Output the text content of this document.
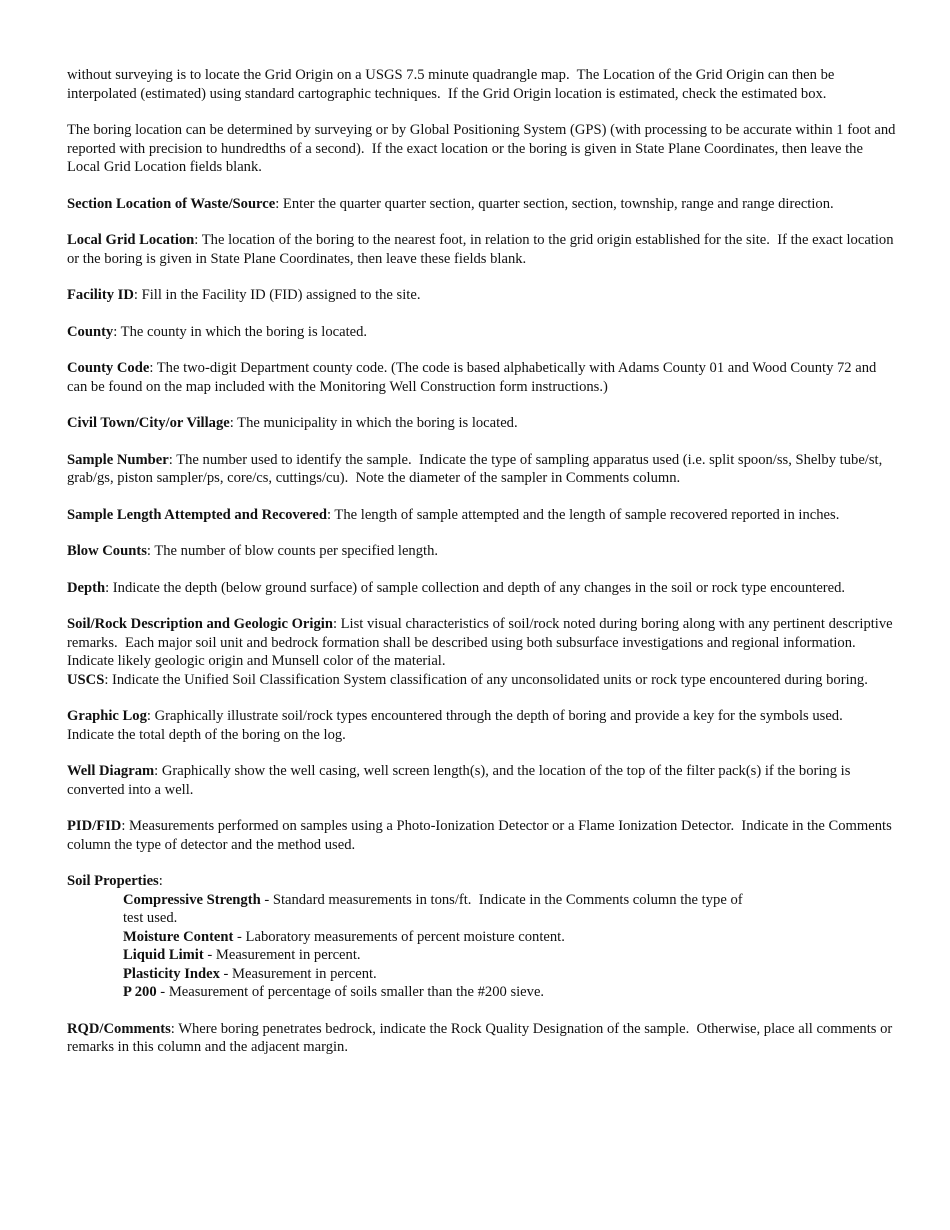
without surveying is to locate the Grid Origin on a USGS 7.5 minute quadrangle map.  The Location of the Grid Origin can then be interpolated (estimated) using standard cartographic techniques.  If the Grid Origin location is estimated, check the estimated box.

The boring location can be determined by surveying or by Global Positioning System (GPS) (with processing to be accurate within 1 foot and reported with precision to hundredths of a second).  If the exact location or the boring is given in State Plane Coordinates, then leave the Local Grid Location fields blank.

Section Location of Waste/Source: Enter the quarter quarter section, quarter section, section, township, range and range direction.

Local Grid Location: The location of the boring to the nearest foot, in relation to the grid origin established for the site.  If the exact location or the boring is given in State Plane Coordinates, then leave these fields blank.

Facility ID: Fill in the Facility ID (FID) assigned to the site.

County: The county in which the boring is located.

County Code: The two-digit Department county code. (The code is based alphabetically with Adams County 01 and Wood County 72 and can be found on the map included with the Monitoring Well Construction form instructions.)

Civil Town/City/or Village: The municipality in which the boring is located.

Sample Number: The number used to identify the sample.  Indicate the type of sampling apparatus used (i.e. split spoon/ss, Shelby tube/st, grab/gs, piston sampler/ps, core/cs, cuttings/cu).  Note the diameter of the sampler in Comments column.

Sample Length Attempted and Recovered: The length of sample attempted and the length of sample recovered reported in inches.

Blow Counts: The number of blow counts per specified length.

Depth: Indicate the depth (below ground surface) of sample collection and depth of any changes in the soil or rock type encountered.

Soil/Rock Description and Geologic Origin: List visual characteristics of soil/rock noted during boring along with any pertinent descriptive remarks.  Each major soil unit and bedrock formation shall be described using both subsurface investigations and regional information.  Indicate likely geologic origin and Munsell color of the material.

USCS: Indicate the Unified Soil Classification System classification of any unconsolidated units or rock type encountered during boring.

Graphic Log: Graphically illustrate soil/rock types encountered through the depth of boring and provide a key for the symbols used.  Indicate the total depth of the boring on the log.

Well Diagram: Graphically show the well casing, well screen length(s), and the location of the top of the filter pack(s) if the boring is converted into a well.

PID/FID: Measurements performed on samples using a Photo-Ionization Detector or a Flame Ionization Detector.  Indicate in the Comments column the type of detector and the method used.

Soil Properties:

Compressive Strength - Standard measurements in tons/ft.  Indicate in the Comments column the type of test used.

Moisture Content - Laboratory measurements of percent moisture content.

Liquid Limit - Measurement in percent.

Plasticity Index - Measurement in percent.

P 200 - Measurement of percentage of soils smaller than the #200 sieve.

RQD/Comments: Where boring penetrates bedrock, indicate the Rock Quality Designation of the sample.  Otherwise, place all comments or remarks in this column and the adjacent margin.
